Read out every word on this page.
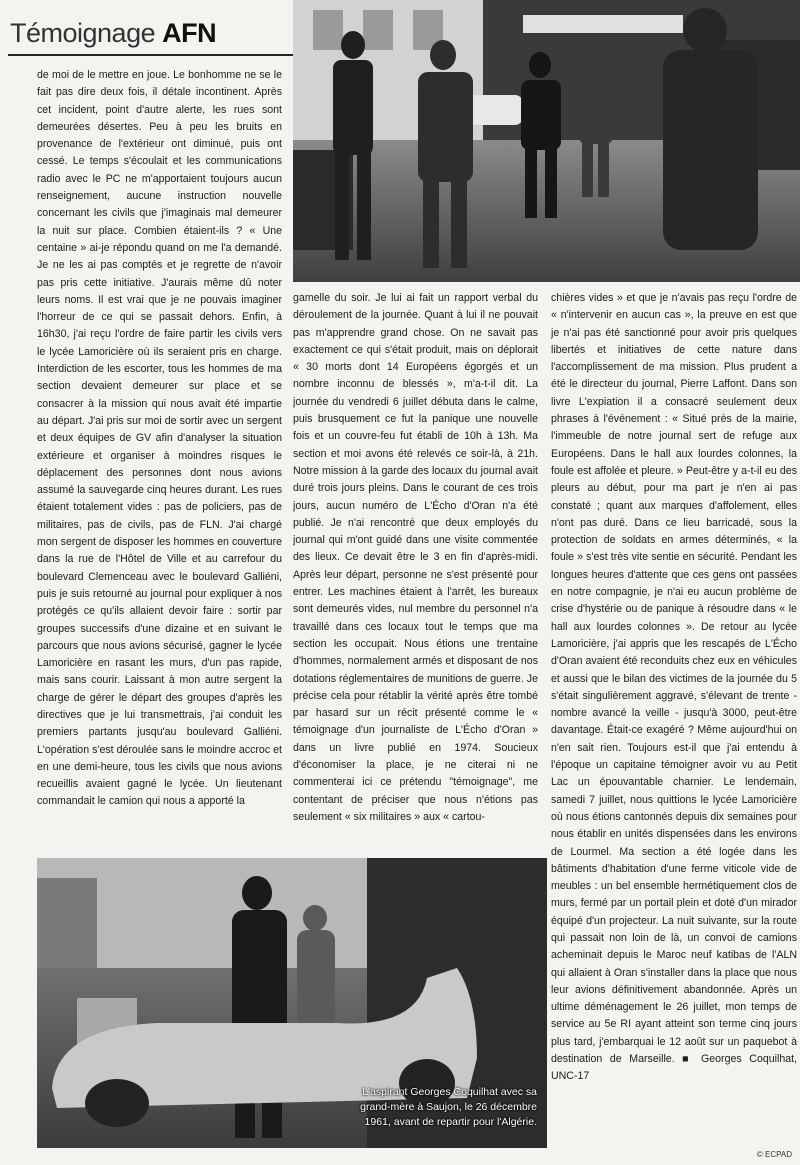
Témoignage AFN

de moi de le mettre en joue. Le bonhomme ne se le fait pas dire deux fois, il détale incontinent. Après cet incident, point d'autre alerte, les rues sont demeurées désertes. Peu à peu les bruits en provenance de l'extérieur ont diminué, puis ont cessé. Le temps s'écoulait et les communications radio avec le PC ne m'apportaient toujours aucun renseignement, aucune instruction nouvelle concernant les civils que j'imaginais mal demeurer la nuit sur place. Combien étaient-ils ? « Une centaine » ai-je répondu quand on me l'a demandé. Je ne les ai pas comptés et je regrette de n'avoir pas pris cette initiative. J'aurais même dû noter leurs noms. Il est vrai que je ne pouvais imaginer l'horreur de ce qui se passait dehors. Enfin, à 16h30, j'ai reçu l'ordre de faire partir les civils vers le lycée Lamoricière où ils seraient pris en charge. Interdiction de les escorter, tous les hommes de ma section devaient demeurer sur place et se consacrer à la mission qui nous avait été impartie au départ. J'ai pris sur moi de sortir avec un sergent et deux équipes de GV afin d'analyser la situation extérieure et organiser à moindres risques le déplacement des personnes dont nous avions assumé la sauvegarde cinq heures durant. Les rues étaient totalement vides : pas de policiers, pas de militaires, pas de civils, pas de FLN. J'ai chargé mon sergent de disposer les hommes en couverture dans la rue de l'Hôtel de Ville et au carrefour du boulevard Clemenceau avec le boulevard Galliéni, puis je suis retourné au journal pour expliquer à nos protégés ce qu'ils allaient devoir faire : sortir par groupes successifs d'une dizaine et en suivant le parcours que nous avions sécurisé, gagner le lycée Lamoricière en rasant les murs, d'un pas rapide, mais sans courir. Laissant à mon autre sergent la charge de gérer le départ des groupes d'après les directives que je lui transmettrais, j'ai conduit les premiers partants jusqu'au boulevard Galliéni. L'opération s'est déroulée sans le moindre accroc et en une demi-heure, tous les civils que nous avions recueillis avaient gagné le lycée. Un lieutenant commandait le camion qui nous a apporté la

gamelle du soir. Je lui ai fait un rapport verbal du déroulement de la journée. Quant à lui il ne pouvait pas m'apprendre grand chose. On ne savait pas exactement ce qui s'était produit, mais on déplorait « 30 morts dont 14 Européens égorgés et un nombre inconnu de blessés », m'a-t-il dit. La journée du vendredi 6 juillet débuta dans le calme, puis brusquement ce fut la panique une nouvelle fois et un couvre-feu fut établi de 10h à 13h. Ma section et moi avons été relevés ce soir-là, à 21h. Notre mission à la garde des locaux du journal avait duré trois jours pleins. Dans le courant de ces trois jours, aucun numéro de L'Écho d'Oran n'a été publié. Je n'ai rencontré que deux employés du journal qui m'ont guidé dans une visite commentée des lieux. Ce devait être le 3 en fin d'après-midi. Après leur départ, personne ne s'est présenté pour entrer. Les machines étaient à l'arrêt, les bureaux sont demeurés vides, nul membre du personnel n'a travaillé dans ces locaux tout le temps que ma section les occupait. Nous étions une trentaine d'hommes, normalement armés et disposant de nos dotations réglementaires de munitions de guerre. Je précise cela pour rétablir la vérité après être tombé par hasard sur un récit présenté comme le « témoignage d'un journaliste de L'Écho d'Oran » dans un livre publié en 1974. Soucieux d'économiser la place, je ne citerai ni ne commenterai ici ce prétendu "témoignage", me contentant de préciser que nous n'étions pas seulement « six militaires » aux « cartou-

chières vides » et que je n'avais pas reçu l'ordre de « n'intervenir en aucun cas », la preuve en est que je n'ai pas été sanctionné pour avoir pris quelques libertés et initiatives de cette nature dans l'accomplissement de ma mission. Plus prudent a été le directeur du journal, Pierre Laffont. Dans son livre L'expiation il a consacré seulement deux phrases à l'événement : « Situé près de la mairie, l'immeuble de notre journal sert de refuge aux Européens. Dans le hall aux lourdes colonnes, la foule est affolée et pleure. » Peut-être y a-t-il eu des pleurs au début, pour ma part je n'en ai pas constaté ; quant aux marques d'affolement, elles n'ont pas duré. Dans ce lieu barricadé, sous la protection de soldats en armes déterminés, « la foule » s'est très vite sentie en sécurité. Pendant les longues heures d'attente que ces gens ont passées en notre compagnie, je n'ai eu aucun problème de crise d'hystérie ou de panique à résoudre dans « le hall aux lourdes colonnes ». De retour au lycée Lamoricière, j'ai appris que les rescapés de L'Écho d'Oran avaient été reconduits chez eux en véhicules et aussi que le bilan des victimes de la journée du 5 s'était singulièrement aggravé, s'élevant de trente - nombre avancé la veille - jusqu'à 3000, peut-être davantage. Était-ce exagéré ? Même aujourd'hui on n'en sait rien. Toujours est-il que j'ai entendu à l'époque un capitaine témoigner avoir vu au Petit Lac un épouvantable charnier. Le lendemain, samedi 7 juillet, nous quittions le lycée Lamoricière où nous étions cantonnés depuis dix semaines pour nous établir en unités dispensées dans les environs de Lourmel. Ma section a été logée dans les bâtiments d'habitation d'une ferme viticole vide de meubles : un bel ensemble hermétiquement clos de murs, fermé par un portail plein et doté d'un mirador équipé d'un projecteur. La nuit suivante, sur la route qui passait non loin de là, un convoi de camions acheminait depuis le Maroc neuf katibas de l'ALN qui allaient à Oran s'installer dans la place que nous leur avions définitivement abandonnée. Après un ultime déménagement le 26 juillet, mon temps de service au 5e RI ayant atteint son terme cinq jours plus tard, j'embarquai le 12 août sur un paquebot à destination de Marseille. ■ Georges Coquilhat, UNC-17

L'aspirant Georges Coquilhat avec sa grand-mère à Saujon, le 26 décembre 1961, avant de repartir pour l'Algérie.
© ECPAD
